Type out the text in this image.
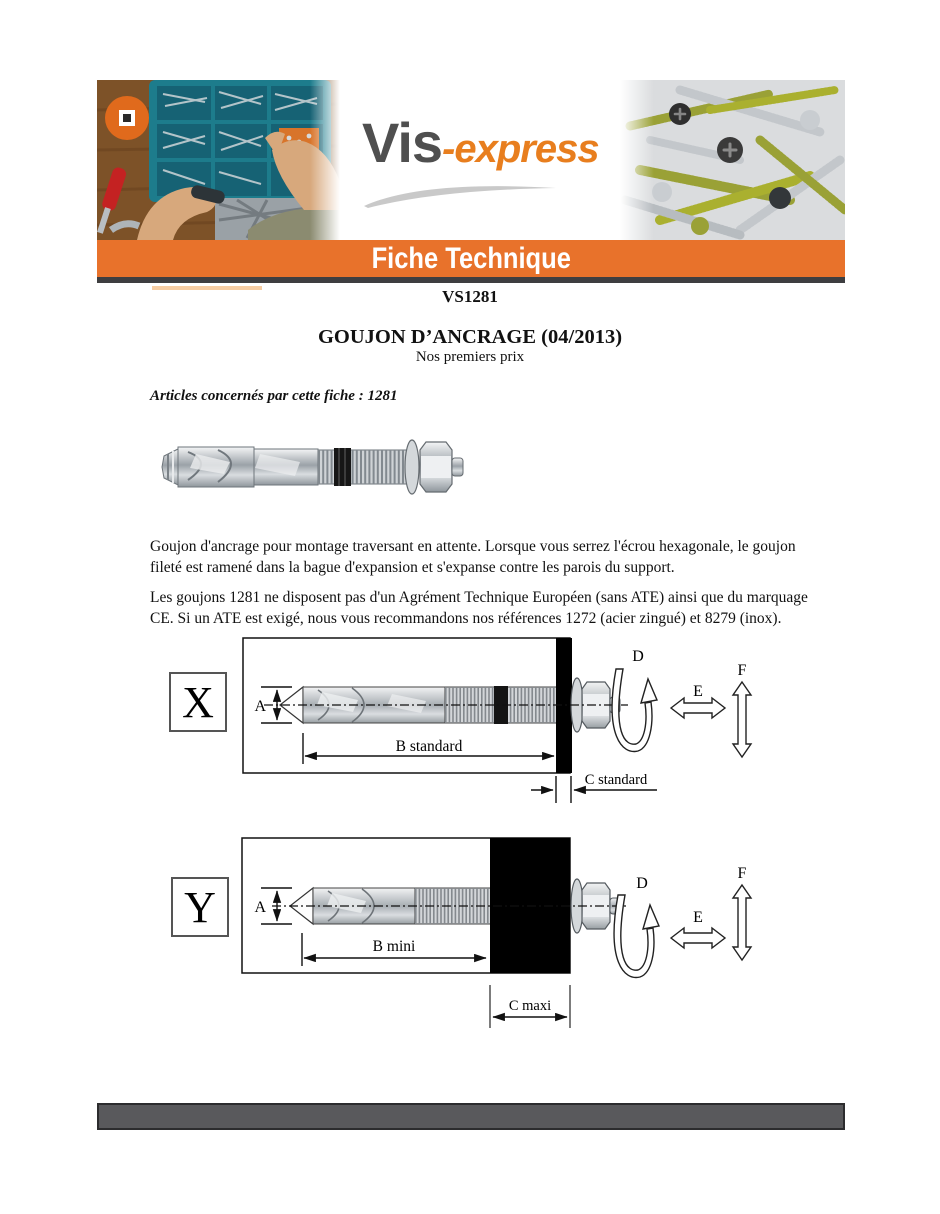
Vis-express
Fiche Technique
VS1281
GOUJON D’ANCRAGE (04/2013)
Nos premiers prix
Articles concernés par cette fiche : 1281

Goujon d'ancrage pour montage traversant en attente. Lorsque vous serrez l'écrou hexagonale, le goujon fileté est ramené dans la bague d'expansion et s'expanse contre les parois du support.

Les goujons 1281 ne disposent pas d'un Agrément Technique Européen (sans ATE) ainsi que du marquage CE. Si un ATE est exigé, nous vous recommandons nos références 1272 (acier zingué) et 8279 (inox).

X	A
B standard
C standard
D
E
F
Y A
B mini
C maxi
D
E
F
